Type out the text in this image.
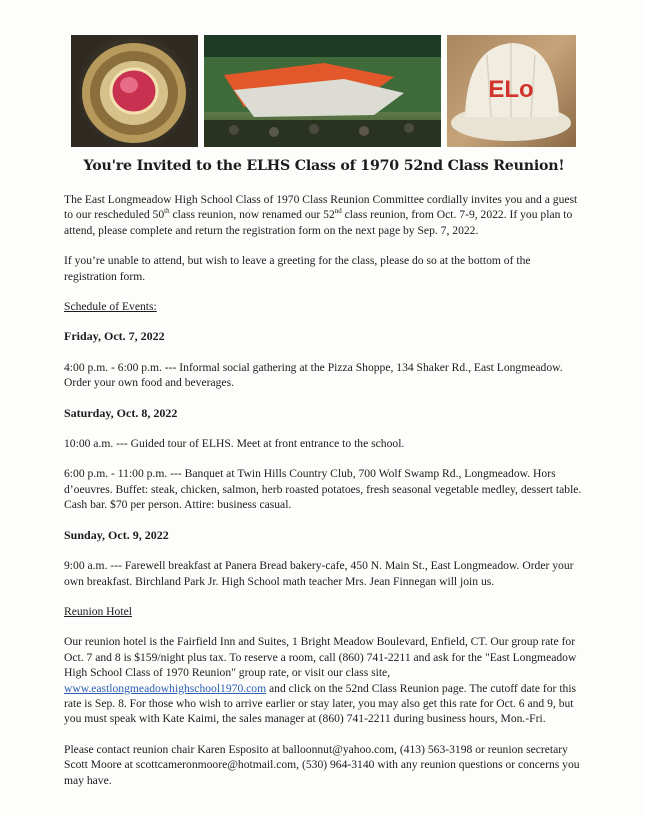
ELo
You're Invited to the ELHS Class of 1970 52nd Class Reunion!

The East Longmeadow High School Class of 1970 Class Reunion Committee cordially invites you and a guest to our rescheduled 50th class reunion, now renamed our 52nd class reunion, from Oct. 7-9, 2022. If you plan to attend, please complete and return the registration form on the next page by Sep. 7, 2022.

If you’re unable to attend, but wish to leave a greeting for the class, please do so at the bottom of the registration form.

Schedule of Events:

Friday, Oct. 7, 2022

4:00 p.m. - 6:00 p.m. --- Informal social gathering at the Pizza Shoppe, 134 Shaker Rd., East Longmeadow. Order your own food and beverages.

Saturday, Oct. 8, 2022

10:00 a.m. --- Guided tour of ELHS. Meet at front entrance to the school.

6:00 p.m. - 11:00 p.m. --- Banquet at Twin Hills Country Club, 700 Wolf Swamp Rd., Longmeadow. Hors d’oeuvres. Buffet: steak, chicken, salmon, herb roasted potatoes, fresh seasonal vegetable medley, dessert table. Cash bar. $70 per person. Attire: business casual.

Sunday, Oct. 9, 2022

9:00 a.m. --- Farewell breakfast at Panera Bread bakery-cafe, 450 N. Main St., East Longmeadow. Order your own breakfast. Birchland Park Jr. High School math teacher Mrs. Jean Finnegan will join us.

Reunion Hotel

Our reunion hotel is the Fairfield Inn and Suites, 1 Bright Meadow Boulevard, Enfield, CT. Our group rate for Oct. 7 and 8 is $159/night plus tax. To reserve a room, call (860) 741-2211 and ask for the "East Longmeadow High School Class of 1970 Reunion" group rate, or visit our class site, www.eastlongmeadowhighschool1970.com and click on the 52nd Class Reunion page. The cutoff date for this rate is Sep. 8. For those who wish to arrive earlier or stay later, you may also get this rate for Oct. 6 and 9, but you must speak with Kate Kaimi, the sales manager at (860) 741-2211 during business hours, Mon.-Fri.

Please contact reunion chair Karen Esposito at balloonnut@yahoo.com, (413) 563-3198 or reunion secretary Scott Moore at scottcameronmoore@hotmail.com, (530) 964-3140 with any reunion questions or concerns you may have.
